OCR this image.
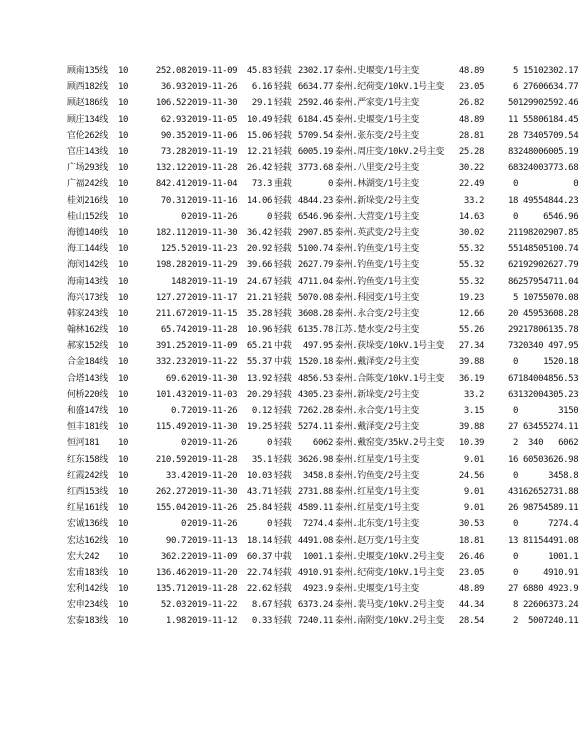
顾南135线	10	252.08	2019-11-09	45.83	轻载	2302.17	泰州.史堰变/1号主变	48.89	5	1510	2302.17
顾西182线	10	36.93	2019-11-26	6.16	轻载	6634.77	泰州.纪荷变/10kV.1号主变	23.05	6	2760	6634.77
顾赵186线	10	106.52	2019-11-30	29.1	轻载	2592.46	泰州.严家变/1号主变	26.82	50	12990	2592.46
顾庄134线	10	62.93	2019-11-05	10.49	轻载	6184.45	泰州.史堰变/1号主变	48.89	11	5580	6184.45
官伦262线	10	90.35	2019-11-06	15.06	轻载	5709.54	泰州.张东变/2号主变	28.81	28	7340	5709.54
官庄143线	10	73.28	2019-11-19	12.21	轻载	6005.19	泰州.周庄变/10kV.2号主变	25.28	83	24800	6005.19
广场293线	10	132.12	2019-11-28	26.42	轻载	3773.68	泰州.八里变/2号主变	30.22	68	32400	3773.68
广福242线	10	842.41	2019-11-04	73.3	重载	0	泰州.林湖变/1号主变	22.49	0		0
桂刘216线	10	70.31	2019-11-16	14.06	轻载	4844.23	泰州.新垛变/2号主变	33.2	18	4955	4844.23
桂山152线	10	0	2019-11-26	0	轻载	6546.96	泰州.大营变/1号主变	14.63	0		6546.96
海德140线	10	182.11	2019-11-30	36.42	轻载	2907.85	泰州.英武变/2号主变	30.02	21	19820	2907.85
海工144线	10	125.5	2019-11-23	20.92	轻载	5100.74	泰州.钓鱼变/1号主变	55.32	55	14850	5100.74
海闵142线	10	198.28	2019-11-29	39.66	轻载	2627.79	泰州.钓鱼变/1号主变	55.32	62	19290	2627.79
海南143线	10	148	2019-11-19	24.67	轻载	4711.04	泰州.钓鱼变/1号主变	55.32	86	25795	4711.04
海兴173线	10	127.27	2019-11-17	21.21	轻载	5070.08	泰州.科园变/1号主变	19.23	5	1075	5070.08
韩家243线	10	211.67	2019-11-15	35.28	轻载	3608.28	泰州.永合变/2号主变	12.66	20	4595	3608.28
翰林162线	10	65.74	2019-11-28	10.96	轻载	6135.78	江苏.楚水变/2号主变	55.26	29	21780	6135.78
郝家152线	10	391.25	2019-11-09	65.21	中载	497.95	泰州.荻垛变/10kV.1号主变	27.34	73	20340	497.95
合金184线	10	332.23	2019-11-22	55.37	中载	1520.18	泰州.戴泽变/2号主变	39.88	0		1520.18
合塔143线	10	69.6	2019-11-30	13.92	轻载	4856.53	泰州.合陈变/10kV.1号主变	36.19	67	18400	4856.53
何桥220线	10	101.43	2019-11-03	20.29	轻载	4305.23	泰州.新垛变/2号主变	33.2	63	13200	4305.23
和盛147线	10	0.7	2019-11-26	0.12	轻载	7262.28	泰州.永合变/1号主变	3.15	0		3150
恒丰181线	10	115.49	2019-11-30	19.25	轻载	5274.11	泰州.戴泽变/2号主变	39.88	27	6345	5274.11
恒河181	10	0	2019-11-26	0	轻载	6062	泰州.戴窑变/35kV.2号主变	10.39	2	340	6062
红东158线	10	210.59	2019-11-28	35.1	轻载	3626.98	泰州.红星变/1号主变	9.01	16	6050	3626.98
红霞242线	10	33.4	2019-11-20	10.03	轻载	3458.8	泰州.钓鱼变/2号主变	24.56	0		3458.8
红西153线	10	262.27	2019-11-30	43.71	轻载	2731.88	泰州.红星变/1号主变	9.01	43	16265	2731.88
红星161线	10	155.04	2019-11-26	25.84	轻载	4589.11	泰州.红星变/1号主变	9.01	26	9875	4589.11
宏诚136线	10	0	2019-11-26	0	轻载	7274.4	泰州.北东变/1号主变	30.53	0		7274.4
宏达162线	10	90.7	2019-11-13	18.14	轻载	4491.08	泰州.赵万变/1号主变	18.81	13	8115	4491.08
宏大242	10	362.2	2019-11-09	60.37	中载	1001.1	泰州.史堰变/10kV.2号主变	26.46	0		1001.1
宏甫183线	10	136.46	2019-11-20	22.74	轻载	4910.91	泰州.纪荷变/10kV.1号主变	23.05	0		4910.91
宏利142线	10	135.71	2019-11-28	22.62	轻载	4923.9	泰州.史堰变/1号主变	48.89	27	6880	4923.9
宏申234线	10	52.03	2019-11-22	8.67	轻载	6373.24	泰州.裴马变/10kV.2号主变	44.34	8	2260	6373.24
宏泰183线	10	1.98	2019-11-12	0.33	轻载	7240.11	泰州.南附变/10kV.2号主变	28.54	2	500	7240.11
